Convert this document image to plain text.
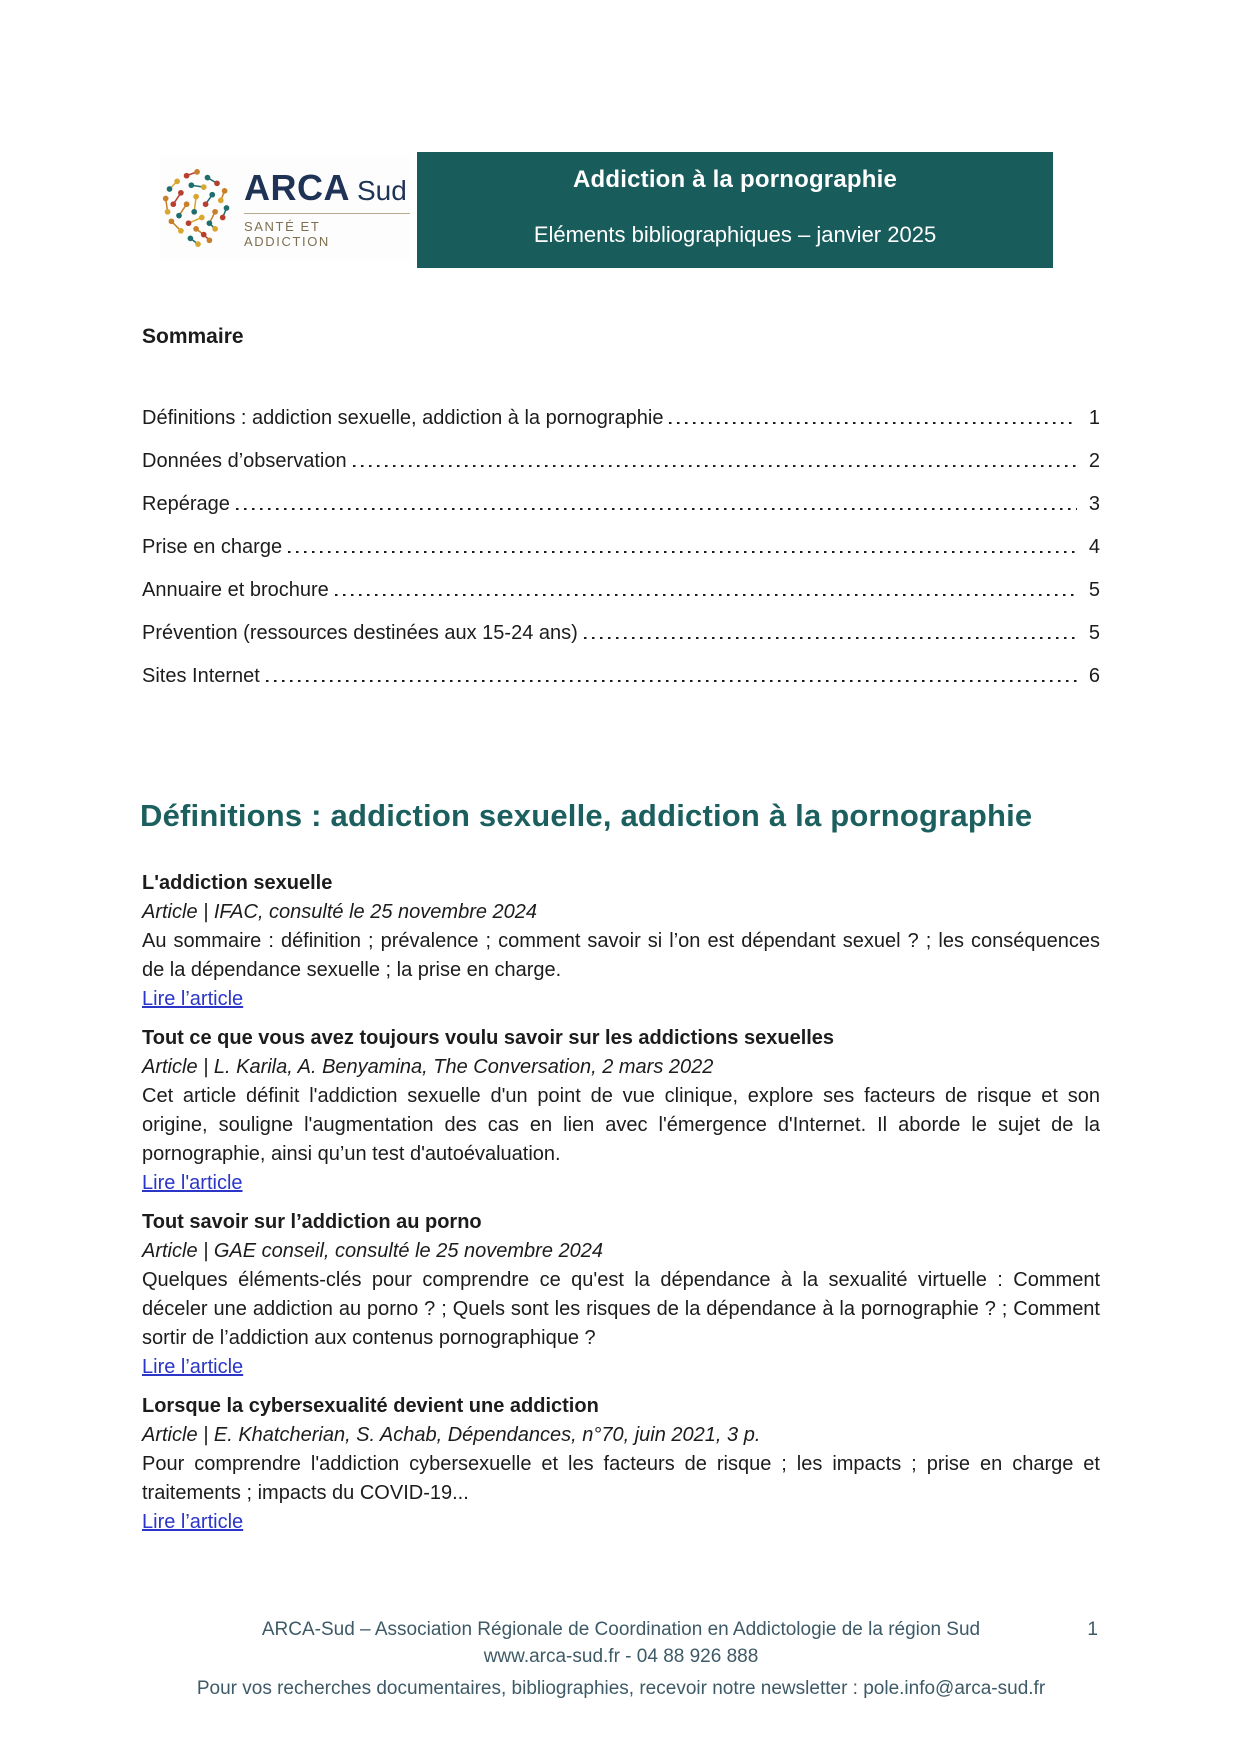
ARCA Sud
SANTÉ ET ADDICTION
Addiction à la pornographie
Eléments bibliographiques – janvier 2025
Sommaire
Définitions : addiction sexuelle, addiction à la pornographie	1
Données d’observation	2
Repérage	3
Prise en charge	4
Annuaire et brochure	5
Prévention (ressources destinées aux 15-24 ans)	5
Sites Internet	6
Définitions : addiction sexuelle, addiction à la pornographie
L'addiction sexuelle
Article | IFAC, consulté le 25 novembre 2024
Au sommaire : définition ; prévalence ; comment savoir si l’on est dépendant sexuel ? ; les conséquences de la dépendance sexuelle ; la prise en charge.
Lire l’article
Tout ce que vous avez toujours voulu savoir sur les addictions sexuelles
Article | L. Karila, A. Benyamina, The Conversation, 2 mars 2022
Cet article définit l'addiction sexuelle d'un point de vue clinique, explore ses facteurs de risque et son origine, souligne l'augmentation des cas en lien avec l'émergence d'Internet. Il aborde le sujet de la pornographie, ainsi qu’un test d'autoévaluation.
Lire l'article
Tout savoir sur l’addiction au porno
Article | GAE conseil, consulté le 25 novembre 2024
Quelques éléments-clés pour comprendre ce qu'est la dépendance à la sexualité virtuelle : Comment déceler une addiction au porno ? ; Quels sont les risques de la dépendance à la pornographie ? ; Comment sortir de l’addiction aux contenus pornographique ?
Lire l’article
Lorsque la cybersexualité devient une addiction
Article | E. Khatcherian, S. Achab, Dépendances, n°70, juin 2021, 3 p.
Pour comprendre l'addiction cybersexuelle et les facteurs de risque ; les impacts ; prise en charge et traitements ; impacts du COVID-19...
Lire l’article
ARCA-Sud – Association Régionale de Coordination en Addictologie de la région Sud
www.arca-sud.fr - 04 88 926 888
Pour vos recherches documentaires, bibliographies, recevoir notre newsletter : pole.info@arca-sud.fr
1
